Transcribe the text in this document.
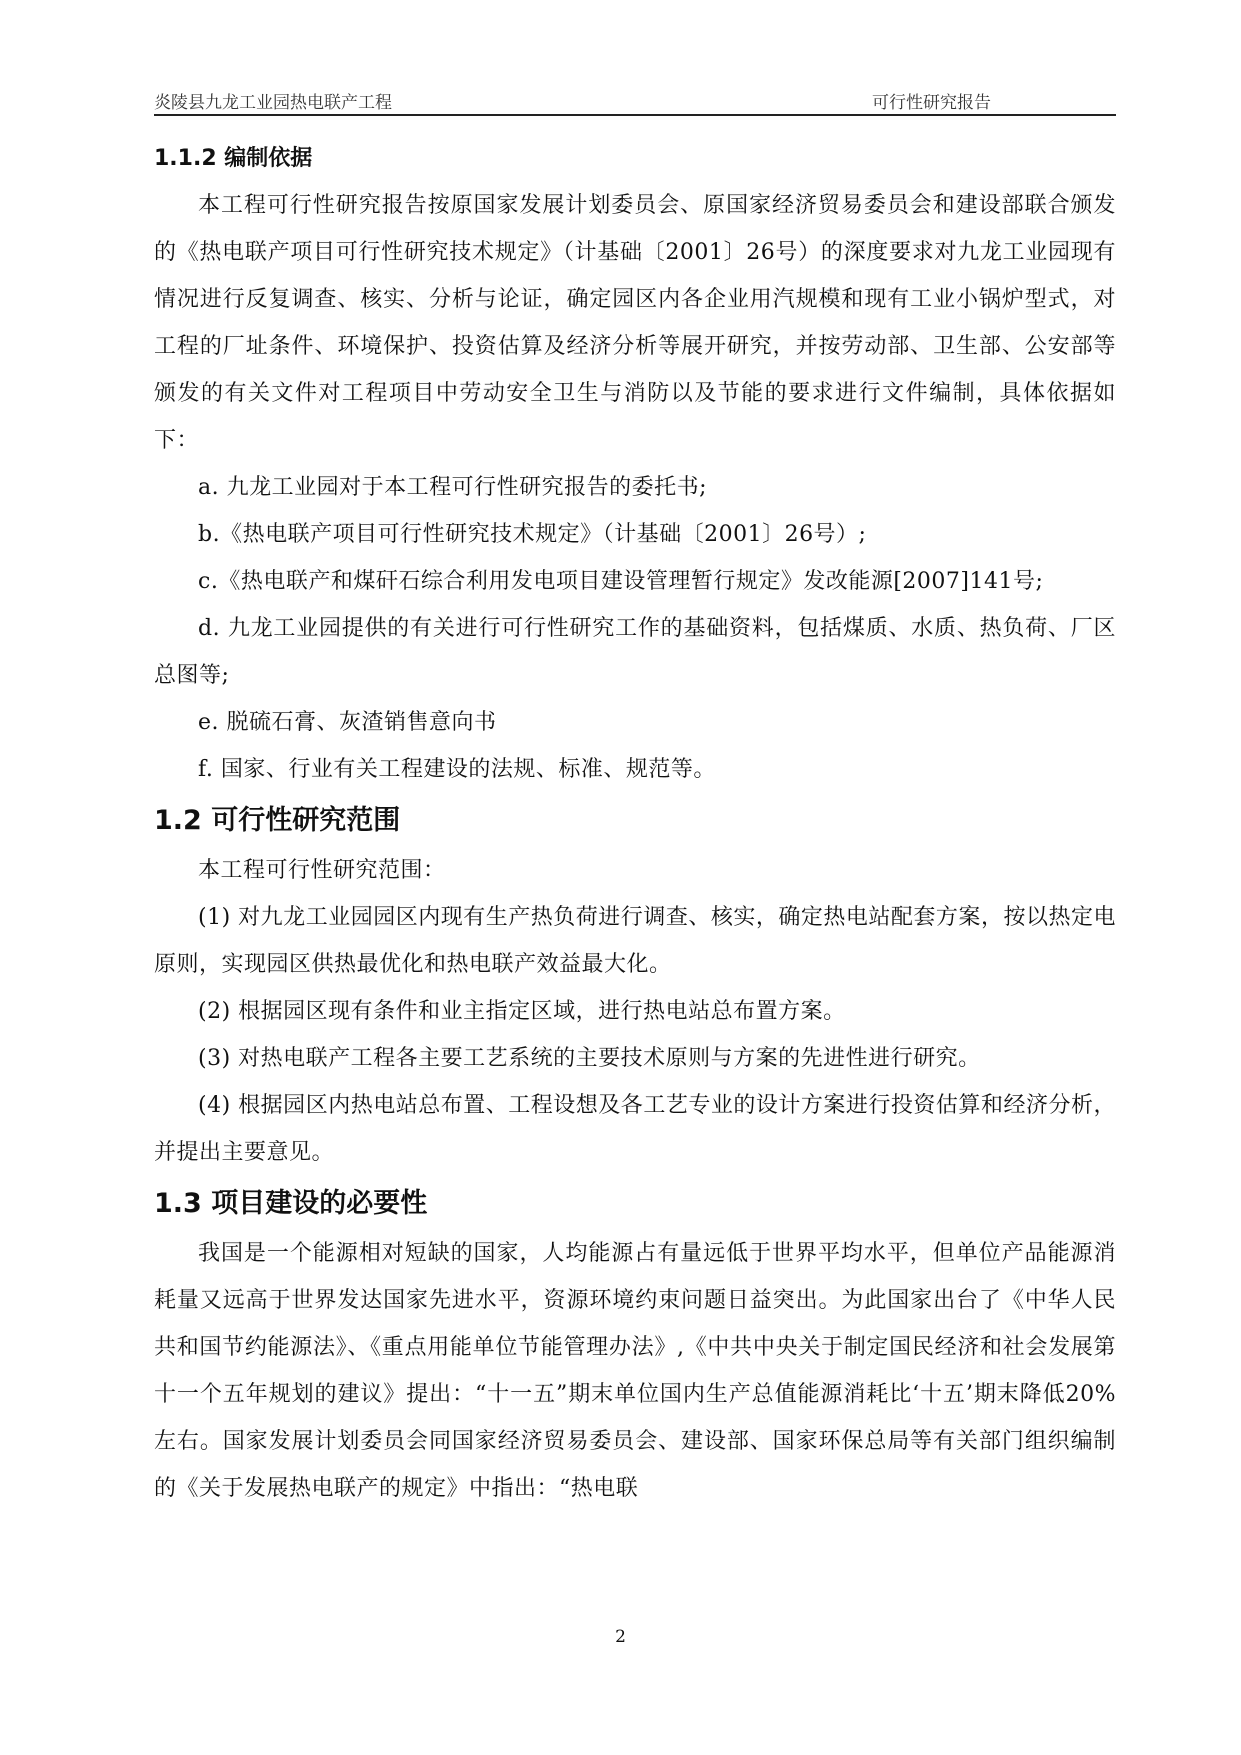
炎陵县九龙工业园热电联产工程	可行性研究报告
1.1.2 编制依据

本工程可行性研究报告按原国家发展计划委员会、原国家经济贸易委员会和建设部联合颁发的《热电联产项目可行性研究技术规定》（计基础〔2001〕26号）的深度要求对九龙工业园现有情况进行反复调查、核实、分析与论证，确定园区内各企业用汽规模和现有工业小锅炉型式，对工程的厂址条件、环境保护、投资估算及经济分析等展开研究，并按劳动部、卫生部、公安部等颁发的有关文件对工程项目中劳动安全卫生与消防以及节能的要求进行文件编制，具体依据如下：

a. 九龙工业园对于本工程可行性研究报告的委托书;

b.《热电联产项目可行性研究技术规定》（计基础〔2001〕26号）;

c.《热电联产和煤矸石综合利用发电项目建设管理暂行规定》发改能源[2007]141号;

d. 九龙工业园提供的有关进行可行性研究工作的基础资料，包括煤质、水质、热负荷、厂区总图等;

e. 脱硫石膏、灰渣销售意向书

f. 国家、行业有关工程建设的法规、标准、规范等。

1.2 可行性研究范围

本工程可行性研究范围：

(1) 对九龙工业园园区内现有生产热负荷进行调查、核实，确定热电站配套方案，按以热定电原则，实现园区供热最优化和热电联产效益最大化。

(2) 根据园区现有条件和业主指定区域，进行热电站总布置方案。

(3) 对热电联产工程各主要工艺系统的主要技术原则与方案的先进性进行研究。

(4) 根据园区内热电站总布置、工程设想及各工艺专业的设计方案进行投资估算和经济分析，并提出主要意见。

1.3 项目建设的必要性

我国是一个能源相对短缺的国家，人均能源占有量远低于世界平均水平，但单位产品能源消耗量又远高于世界发达国家先进水平，资源环境约束问题日益突出。为此国家出台了《中华人民共和国节约能源法》、《重点用能单位节能管理办法》,《中共中央关于制定国民经济和社会发展第十一个五年规划的建议》提出：“十一五”期末单位国内生产总值能源消耗比‘十五’期末降低20%左右。国家发展计划委员会同国家经济贸易委员会、建设部、国家环保总局等有关部门组织编制的《关于发展热电联产的规定》中指出：“热电联

2
